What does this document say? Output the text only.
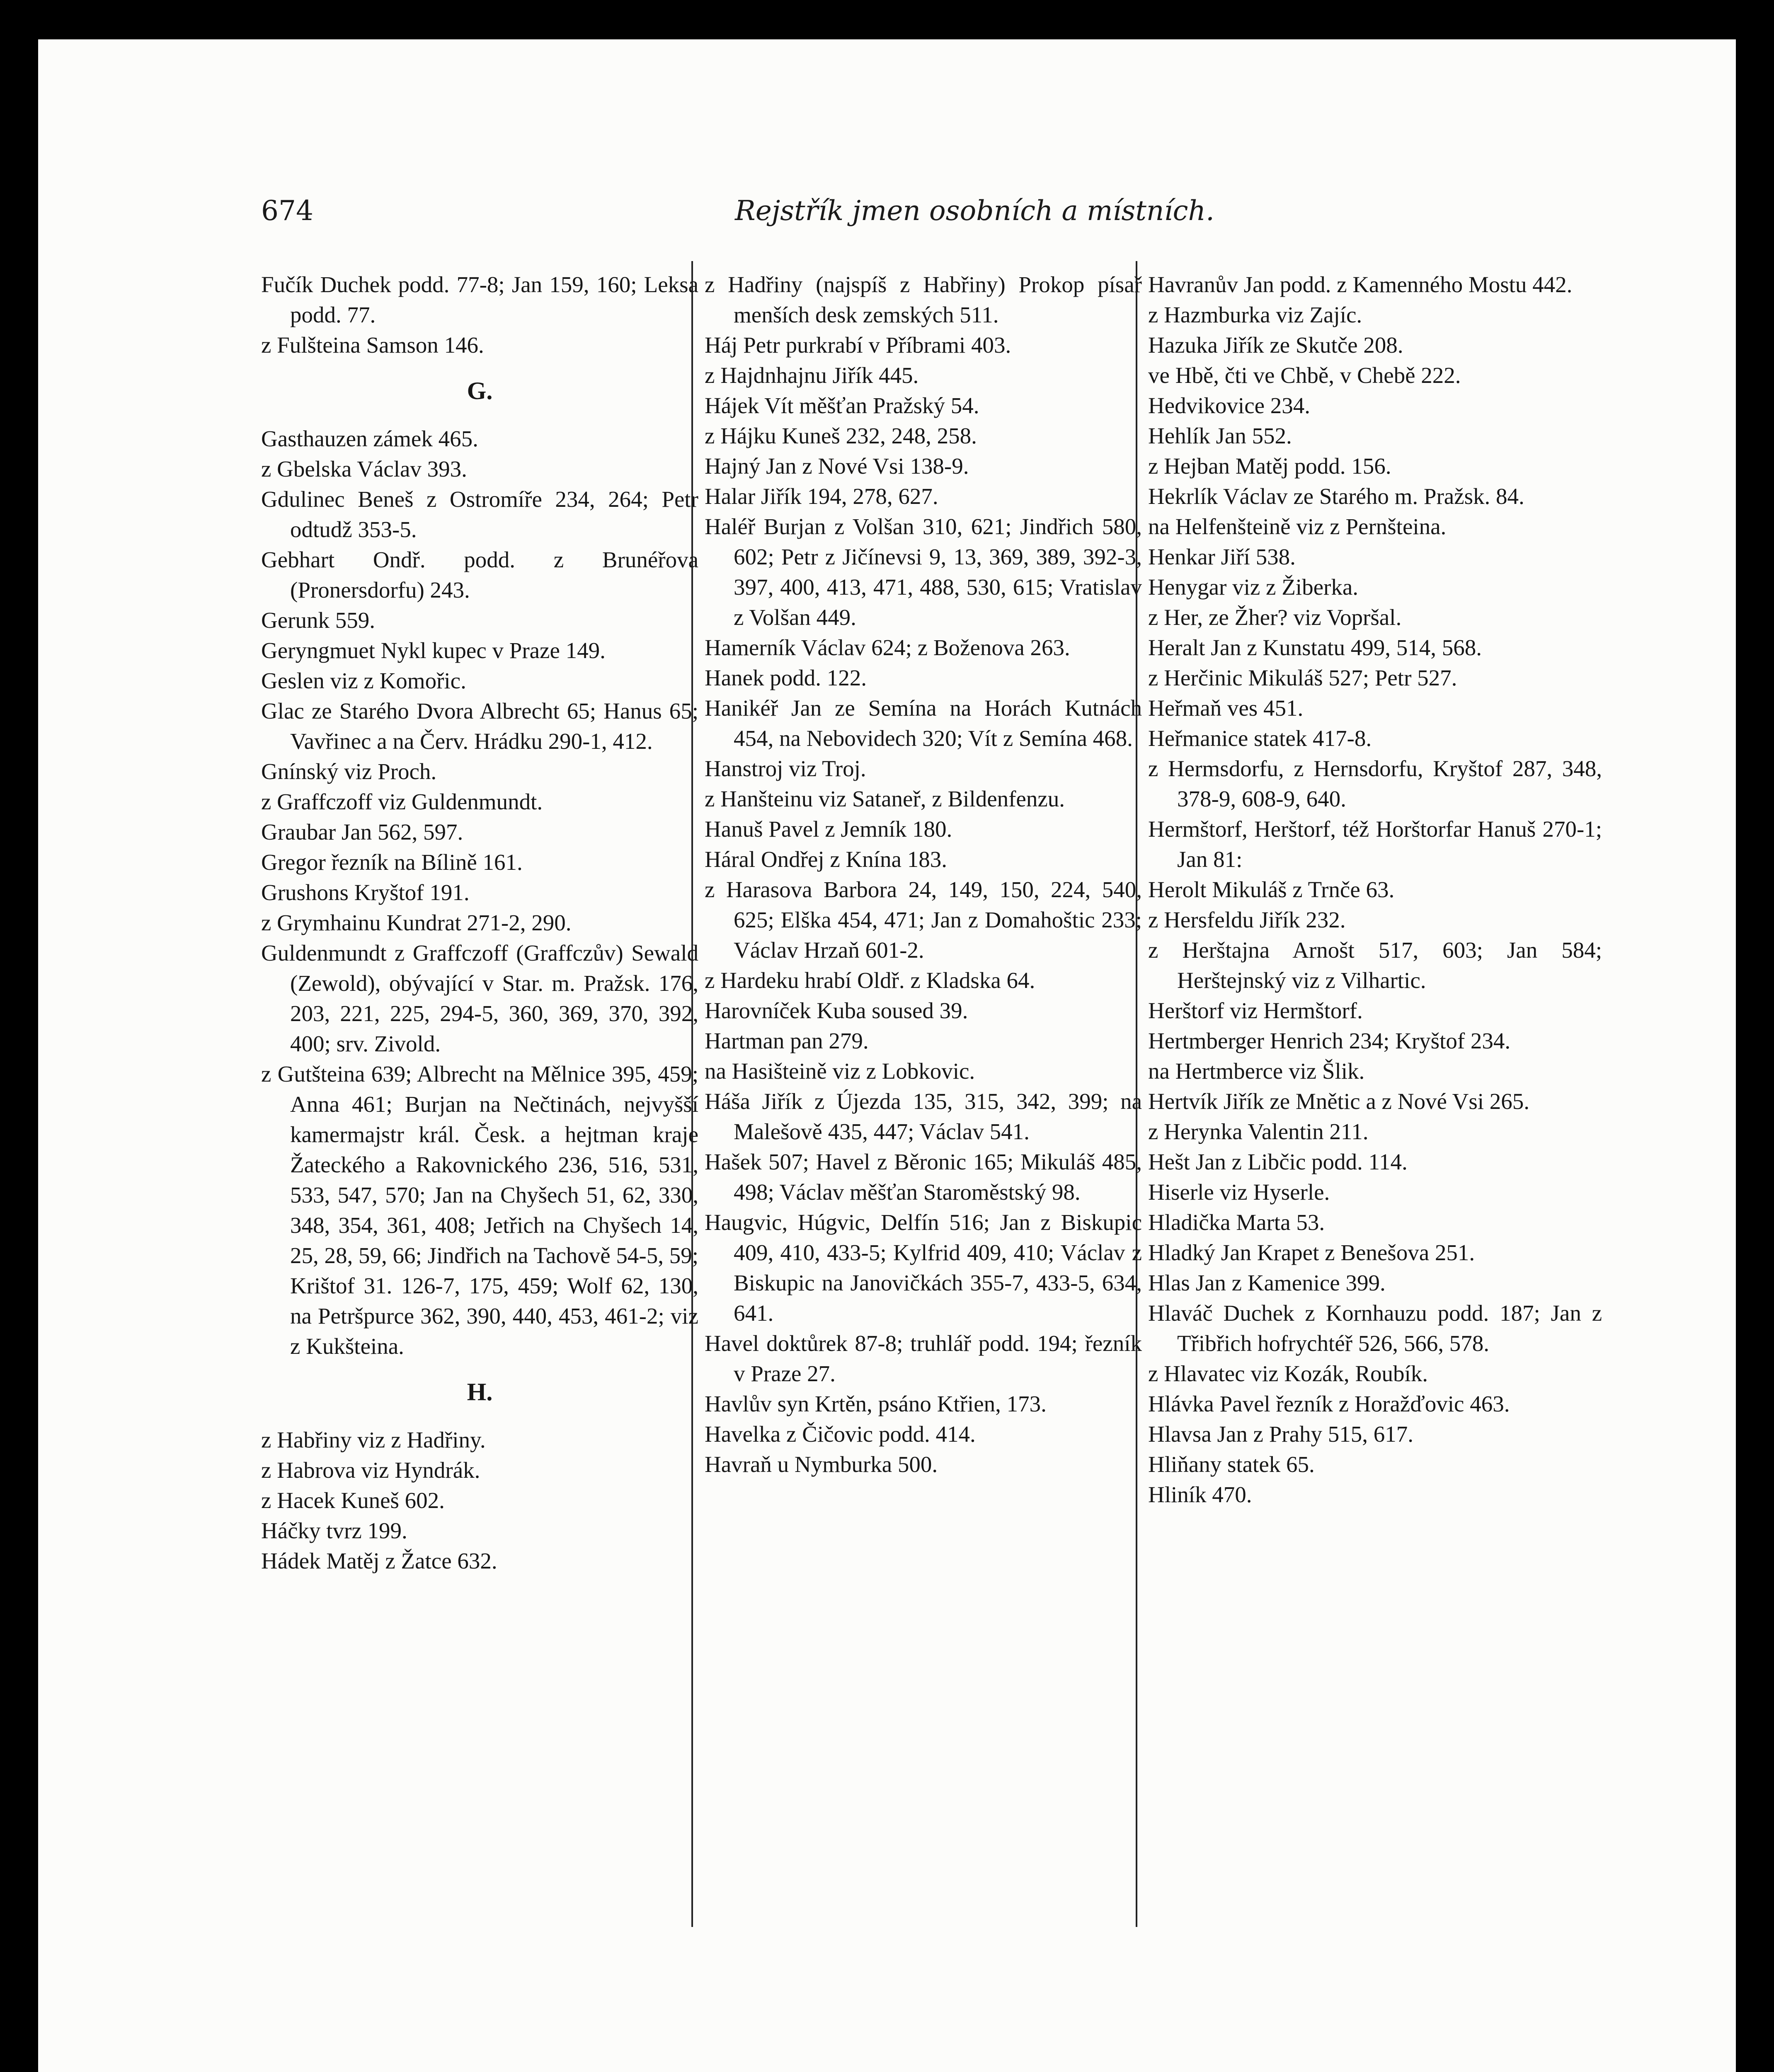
674	Rejstřík jmen osobních a místních.

Fučík Duchek podd. 77-8; Jan 159, 160; Leksa podd. 77.

z Fulšteina Samson 146.

G.

Gasthauzen zámek 465.

z Gbelska Václav 393.

Gdulinec Beneš z Ostromíře 234, 264; Petr odtudž 353-5.

Gebhart Ondř. podd. z Brunéřova (Pronersdorfu) 243.

Gerunk 559.

Geryngmuet Nykl kupec v Praze 149.

Geslen viz z Komořic.

Glac ze Starého Dvora Albrecht 65; Hanus 65; Vavřinec a na Červ. Hrádku 290-1, 412.

Gnínský viz Proch.

z Graffczoff viz Guldenmundt.

Graubar Jan 562, 597.

Gregor řezník na Bílině 161.

Grushons Kryštof 191.

z Grymhainu Kundrat 271-2, 290.

Guldenmundt z Graffczoff (Graffczův) Sewald (Zewold), obývající v Star. m. Pražsk. 176, 203, 221, 225, 294-5, 360, 369, 370, 392, 400; srv. Zivold.

z Gutšteina 639; Albrecht na Mělnice 395, 459; Anna 461; Burjan na Nečtinách, nejvyšší kamermajstr král. Česk. a hejtman kraje Žateckého a Rakovnického 236, 516, 531, 533, 547, 570; Jan na Chyšech 51, 62, 330, 348, 354, 361, 408; Jetřich na Chyšech 14, 25, 28, 59, 66; Jindřich na Tachově 54-5, 59; Krištof 31. 126-7, 175, 459; Wolf 62, 130, na Petršpurce 362, 390, 440, 453, 461-2; viz z Kukšteina.

H.

z Habřiny viz z Hadřiny.

z Habrova viz Hyndrák.

z Hacek Kuneš 602.

Háčky tvrz 199.

Hádek Matěj z Žatce 632.

z Hadřiny (najspíš z Habřiny) Prokop písař menších desk zemských 511.

Háj Petr purkrabí v Příbrami 403.

z Hajdnhajnu Jiřík 445.

Hájek Vít měšťan Pražský 54.

z Hájku Kuneš 232, 248, 258.

Hajný Jan z Nové Vsi 138-9.

Halar Jiřík 194, 278, 627.

Haléř Burjan z Volšan 310, 621; Jindřich 580, 602; Petr z Jičínevsi 9, 13, 369, 389, 392-3, 397, 400, 413, 471, 488, 530, 615; Vratislav z Volšan 449.

Hamerník Václav 624; z Boženova 263.

Hanek podd. 122.

Hanikéř Jan ze Semína na Horách Kutnách 454, na Nebovidech 320; Vít z Semína 468.

Hanstroj viz Troj.

z Hanšteinu viz Sataneř, z Bildenfenzu.

Hanuš Pavel z Jemník 180.

Háral Ondřej z Knína 183.

z Harasova Barbora 24, 149, 150, 224, 540, 625; Elška 454, 471; Jan z Domahoštic 233; Václav Hrzaň 601-2.

z Hardeku hrabí Oldř. z Kladska 64.

Harovníček Kuba soused 39.

Hartman pan 279.

na Hasišteině viz z Lobkovic.

Háša Jiřík z Újezda 135, 315, 342, 399; na Malešově 435, 447; Václav 541.

Hašek 507; Havel z Běronic 165; Mikuláš 485, 498; Václav měšťan Staroměstský 98.

Haugvic, Húgvic, Delfín 516; Jan z Biskupic 409, 410, 433-5; Kylfrid 409, 410; Václav z Biskupic na Janovičkách 355-7, 433-5, 634, 641.

Havel doktůrek 87-8; truhlář podd. 194; řezník v Praze 27.

Havlův syn Krtěn, psáno Ktřien, 173.

Havelka z Čičovic podd. 414.

Havraň u Nymburka 500.

Havranův Jan podd. z Kamenného Mostu 442.

z Hazmburka viz Zajíc.

Hazuka Jiřík ze Skutče 208.

ve Hbě, čti ve Chbě, v Chebě 222.

Hedvikovice 234.

Hehlík Jan 552.

z Hejban Matěj podd. 156.

Hekrlík Václav ze Starého m. Pražsk. 84.

na Helfenšteině viz z Pernšteina.

Henkar Jiří 538.

Henygar viz z Žiberka.

z Her, ze Žher? viz Vopršal.

Heralt Jan z Kunstatu 499, 514, 568.

z Herčinic Mikuláš 527; Petr 527.

Heřmaň ves 451.

Heřmanice statek 417-8.

z Hermsdorfu, z Hernsdorfu, Kryštof 287, 348, 378-9, 608-9, 640.

Hermštorf, Herštorf, též Horštorfar Hanuš 270-1; Jan 81:

Herolt Mikuláš z Trnče 63.

z Hersfeldu Jiřík 232.

z Herštajna Arnošt 517, 603; Jan 584; Herštejnský viz z Vilhartic.

Herštorf viz Hermštorf.

Hertmberger Henrich 234; Kryštof 234.

na Hertmberce viz Šlik.

Hertvík Jiřík ze Mnětic a z Nové Vsi 265.

z Herynka Valentin 211.

Hešt Jan z Libčic podd. 114.

Hiserle viz Hyserle.

Hladička Marta 53.

Hladký Jan Krapet z Benešova 251.

Hlas Jan z Kamenice 399.

Hlaváč Duchek z Kornhauzu podd. 187; Jan z Třibřich hofrychtéř 526, 566, 578.

z Hlavatec viz Kozák, Roubík.

Hlávka Pavel řezník z Horažďovic 463.

Hlavsa Jan z Prahy 515, 617.

Hliňany statek 65.

Hliník 470.
